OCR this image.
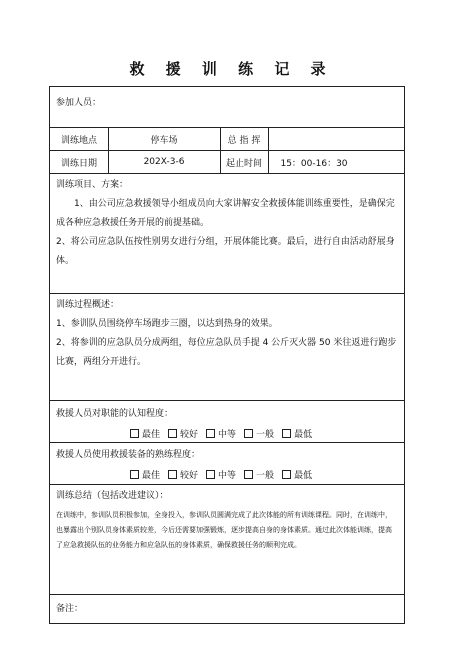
救 援 训 练 记 录
参加人员：
训练地点	停车场	总 指 挥
训练日期	202X-3-6	起止时间	15：00-16：30
训练项目、方案：
1、由公司应急救援领导小组成员向大家讲解安全救援体能训练重要性，是确保完成各种应急救援任务开展的前提基础。
2、将公司应急队伍按性别男女进行分组，开展体能比赛。最后，进行自由活动舒展身体。
训练过程概述：
1、参训队员围绕停车场跑步三圈，以达到热身的效果。
2、将参训的应急队员分成两组，每位应急队员手提 4 公斤灭火器 50 米往返进行跑步比赛，两组分开进行。
救援人员对职能的认知程度：
最佳 较好 中等 一般 最低
救援人员使用救援装备的熟练程度：
最佳 较好 中等 一般 最低
训练总结（包括改进建议）：
在训练中，参训队员积极参加，全身投入，参训队员圆满完成了此次体能的所有训练课程。同时，在训练中，也暴露出个别队员身体素质较差，今后还需要加强锻炼，逐步提高自身的身体素质。通过此次体能训练，提高了应急救援队伍的业务能力和应急队伍的身体素质，确保救援任务的顺利完成。
备注：
